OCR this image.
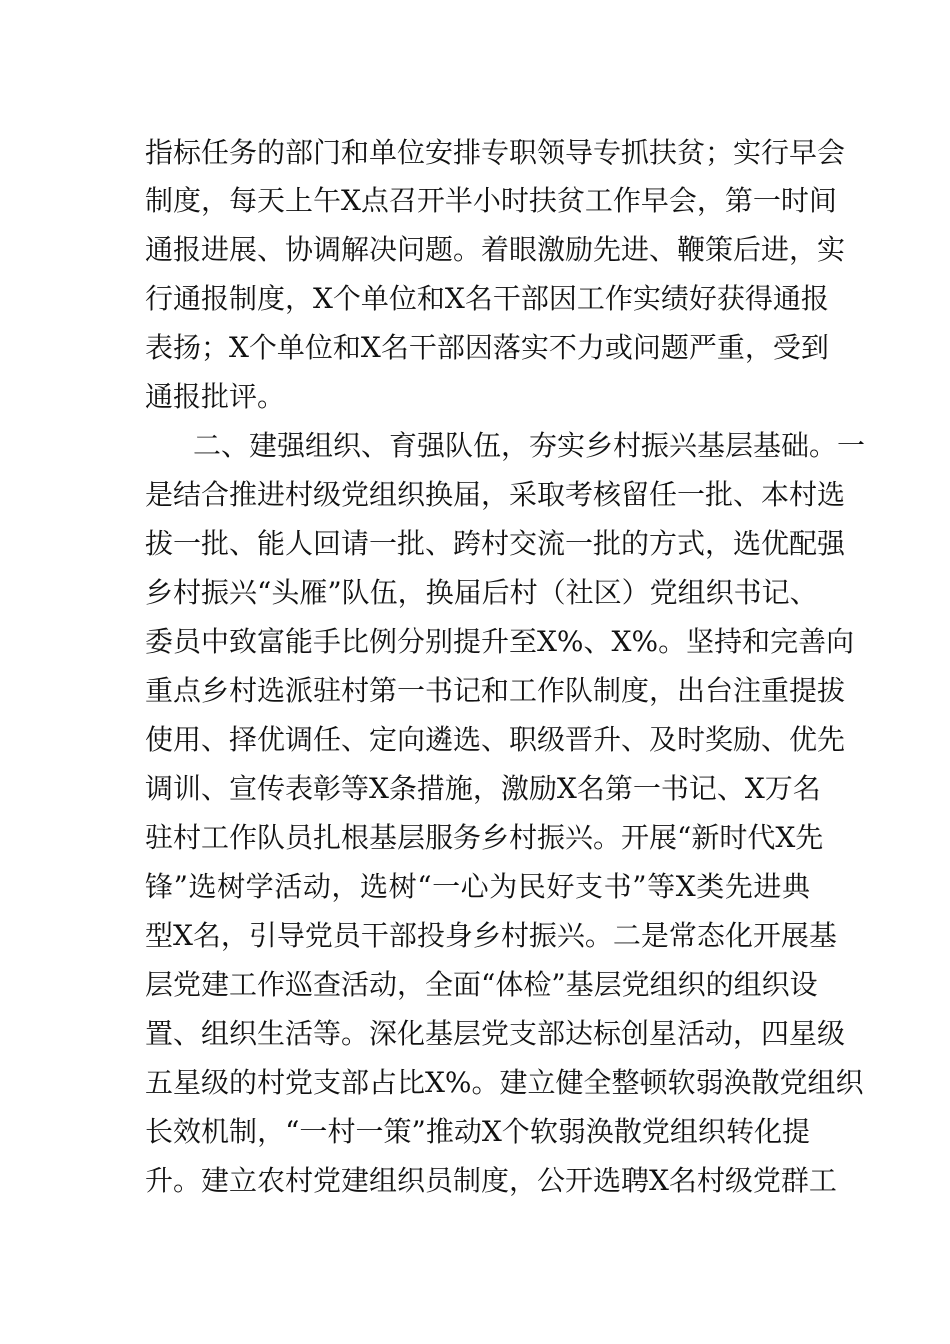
指标任务的部门和单位安排专职领导专抓扶贫；实行早会
制度，每天上午X点召开半小时扶贫工作早会，第一时间
通报进展、协调解决问题。着眼激励先进、鞭策后进，实
行通报制度，X个单位和X名干部因工作实绩好获得通报
表扬；X个单位和X名干部因落实不力或问题严重，受到
通报批评。
二、建强组织、育强队伍，夯实乡村振兴基层基础。一
是结合推进村级党组织换届，采取考核留任一批、本村选
拔一批、能人回请一批、跨村交流一批的方式，选优配强
乡村振兴“头雁”队伍，换届后村（社区）党组织书记、
委员中致富能手比例分别提升至X%、X%。坚持和完善向
重点乡村选派驻村第一书记和工作队制度，出台注重提拔
使用、择优调任、定向遴选、职级晋升、及时奖励、优先
调训、宣传表彰等X条措施，激励X名第一书记、X万名
驻村工作队员扎根基层服务乡村振兴。开展“新时代X先
锋”选树学活动，选树“一心为民好支书”等X类先进典
型X名，引导党员干部投身乡村振兴。二是常态化开展基
层党建工作巡查活动，全面“体检”基层党组织的组织设
置、组织生活等。深化基层党支部达标创星活动，四星级
五星级的村党支部占比X%。建立健全整顿软弱涣散党组织
长效机制，“一村一策”推动X个软弱涣散党组织转化提
升。建立农村党建组织员制度，公开选聘X名村级党群工
